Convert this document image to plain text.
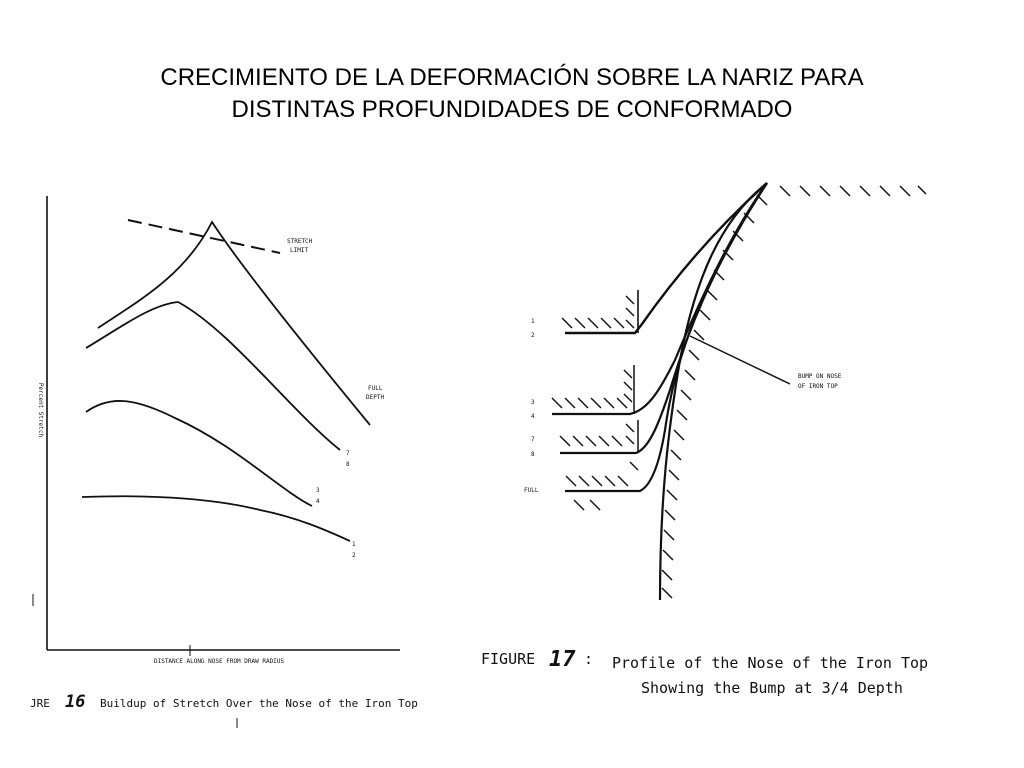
CRECIMIENTO DE LA DEFORMACIÓN SOBRE LA NARIZ PARA
DISTINTAS PROFUNDIDADES DE CONFORMADO
Percent Stretch
STRETCH
LIMIT
FULL
DEPTH
7
8
3
4
1
2
DISTANCE ALONG NOSE FROM DRAW RADIUS
JRE 16 Buildup of Stretch Over the Nose of the Iron Top
1
2
3
4
7
8
FULL
BUMP ON NOSE
OF IRON TOP
FIGURE 17 : Profile of the Nose of the Iron Top
Showing the Bump at 3/4 Depth
